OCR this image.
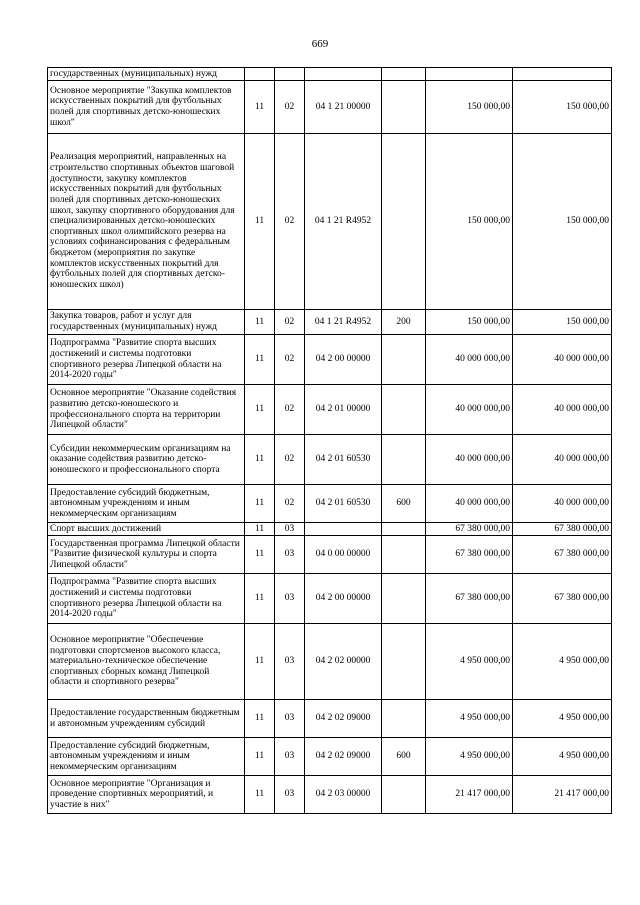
669
государственных (муниципальных) нужд						
Основное мероприятие "Закупка комплектов искусственных покрытий для футбольных полей для спортивных детско-юношеских школ"	11	02	04 1 21 00000		150 000,00	150 000,00
Реализация мероприятий, направленных на строительство спортивных объектов шаговой доступности, закупку комплектов искусственных покрытий для футбольных полей для спортивных детско-юношеских школ, закупку спортивного оборудования для специализированных детско-юношеских спортивных школ олимпийского резерва на условиях софинансирования с федеральным бюджетом (мероприятия по закупке комплектов искусственных покрытий для футбольных полей для спортивных детско-юношеских школ)	11	02	04 1 21 R4952		150 000,00	150 000,00
Закупка товаров, работ и услуг для государственных (муниципальных) нужд	11	02	04 1 21 R4952	200	150 000,00	150 000,00
Подпрограмма "Развитие спорта высших достижений и системы подготовки спортивного резерва Липецкой области на 2014-2020 годы"	11	02	04 2 00 00000		40 000 000,00	40 000 000,00
Основное мероприятие "Оказание содействия развитию детско-юношеского и профессионального спорта на территории Липецкой области"	11	02	04 2 01 00000		40 000 000,00	40 000 000,00
Субсидии некоммерческим организациям на оказание содействия развитию детско-юношеского и профессионального спорта	11	02	04 2 01 60530		40 000 000,00	40 000 000,00
Предоставление субсидий бюджетным, автономным учреждениям и иным некоммерческим организациям	11	02	04 2 01 60530	600	40 000 000,00	40 000 000,00
Спорт высших достижений	11	03			67 380 000,00	67 380 000,00
Государственная программа Липецкой области "Развитие физической культуры и спорта Липецкой области"	11	03	04 0 00 00000		67 380 000,00	67 380 000,00
Подпрограмма "Развитие спорта высших достижений и системы подготовки спортивного резерва Липецкой области на 2014-2020 годы"	11	03	04 2 00 00000		67 380 000,00	67 380 000,00
Основное мероприятие "Обеспечение подготовки спортсменов высокого класса, материально-техническое обеспечение спортивных сборных команд Липецкой области и спортивного резерва"	11	03	04 2 02 00000		4 950 000,00	4 950 000,00
Предоставление государственным бюджетным и автономным учреждениям субсидий	11	03	04 2 02 09000		4 950 000,00	4 950 000,00
Предоставление субсидий бюджетным, автономным учреждениям и иным некоммерческим организациям	11	03	04 2 02 09000	600	4 950 000,00	4 950 000,00
Основное мероприятие "Организация и проведение спортивных мероприятий, и участие в них"	11	03	04 2 03 00000		21 417 000,00	21 417 000,00
